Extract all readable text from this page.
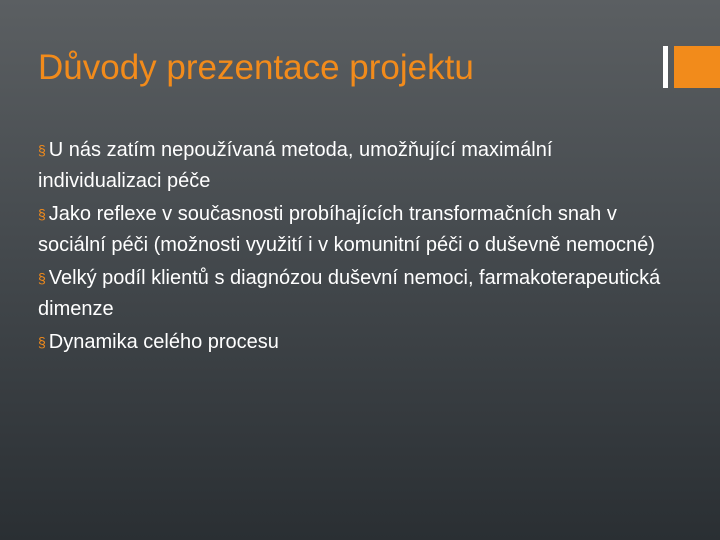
Důvody prezentace projektu
§ U nás zatím nepoužívaná metoda, umožňující maximální individualizaci péče
§ Jako reflexe v současnosti probíhajících transformačních snah v sociální péči (možnosti využití i v komunitní péči o duševně nemocné)
§ Velký podíl klientů s diagnózou duševní nemoci, farmakoterapeutická dimenze
§ Dynamika celého procesu
